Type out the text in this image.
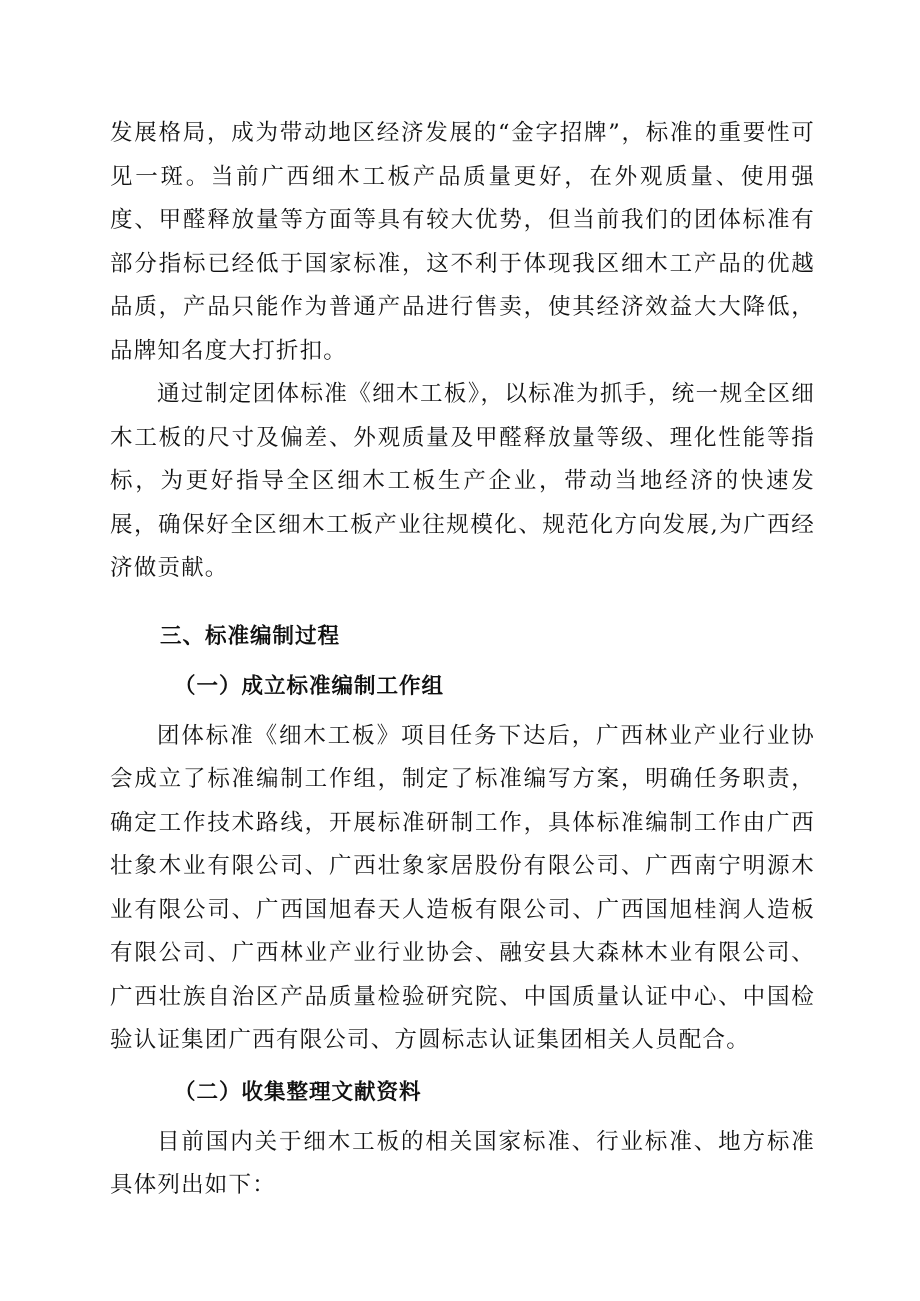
发展格局，成为带动地区经济发展的“金字招牌”，标准的重要性可见一斑。当前广西细木工板产品质量更好，在外观质量、使用强度、甲醛释放量等方面等具有较大优势，但当前我们的团体标准有部分指标已经低于国家标准，这不利于体现我区细木工产品的优越品质，产品只能作为普通产品进行售卖，使其经济效益大大降低，品牌知名度大打折扣。

通过制定团体标准《细木工板》，以标准为抓手，统一规全区细木工板的尺寸及偏差、外观质量及甲醛释放量等级、理化性能等指标，为更好指导全区细木工板生产企业，带动当地经济的快速发展，确保好全区细木工板产业往规模化、规范化方向发展,为广西经济做贡献。

三、标准编制过程
（一）成立标准编制工作组

团体标准《细木工板》项目任务下达后，广西林业产业行业协会成立了标准编制工作组，制定了标准编写方案，明确任务职责，确定工作技术路线，开展标准研制工作，具体标准编制工作由广西壮象木业有限公司、广西壮象家居股份有限公司、广西南宁明源木业有限公司、广西国旭春天人造板有限公司、广西国旭桂润人造板有限公司、广西林业产业行业协会、融安县大森林木业有限公司、广西壮族自治区产品质量检验研究院、中国质量认证中心、中国检验认证集团广西有限公司、方圆标志认证集团相关人员配合。

（二）收集整理文献资料

目前国内关于细木工板的相关国家标准、行业标准、地方标准具体列出如下：
